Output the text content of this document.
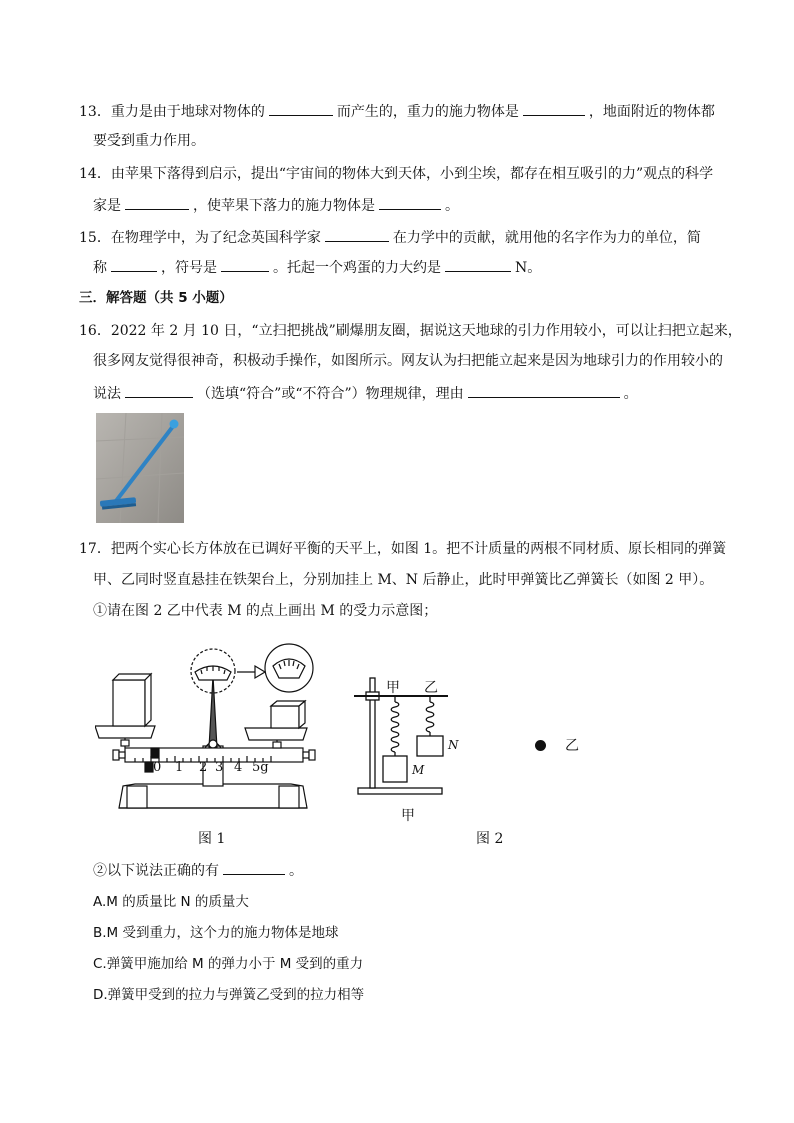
13．重力是由于地球对物体的	而产生的，重力的施力物体是	，地面附近的物体都
要受到重力作用。
14．由苹果下落得到启示，提出“宇宙间的物体大到天体，小到尘埃，都存在相互吸引的力”观点的科学
家是	，使苹果下落力的施力物体是	。
15．在物理学中，为了纪念英国科学家	在力学中的贡献，就用他的名字作为力的单位，简
称	，符号是	。托起一个鸡蛋的力大约是	N。
三．解答题（共 5 小题）
16．2022 年 2 月 10 日，“立扫把挑战”刷爆朋友圈，据说这天地球的引力作用较小，可以让扫把立起来，
很多网友觉得很神奇，积极动手操作，如图所示。网友认为扫把能立起来是因为地球引力的作用较小的
说法	（选填“符合”或“不符合”）物理规律，理由	。
17．把两个实心长方体放在已调好平衡的天平上，如图 1。把不计质量的两根不同材质、原长相同的弹簧
甲、乙同时竖直悬挂在铁架台上，分别加挂上 M、N 后静止，此时甲弹簧比乙弹簧长（如图 2 甲）。
①请在图 2 乙中代表 M 的点上画出 M 的受力示意图；
0 1 2 3 4 5g
甲 乙
M
N
甲
乙
图 1	图 2
②以下说法正确的有	。
A.M 的质量比 N 的质量大
B.M 受到重力，这个力的施力物体是地球
C.弹簧甲施加给 M 的弹力小于 M 受到的重力
D.弹簧甲受到的拉力与弹簧乙受到的拉力相等
